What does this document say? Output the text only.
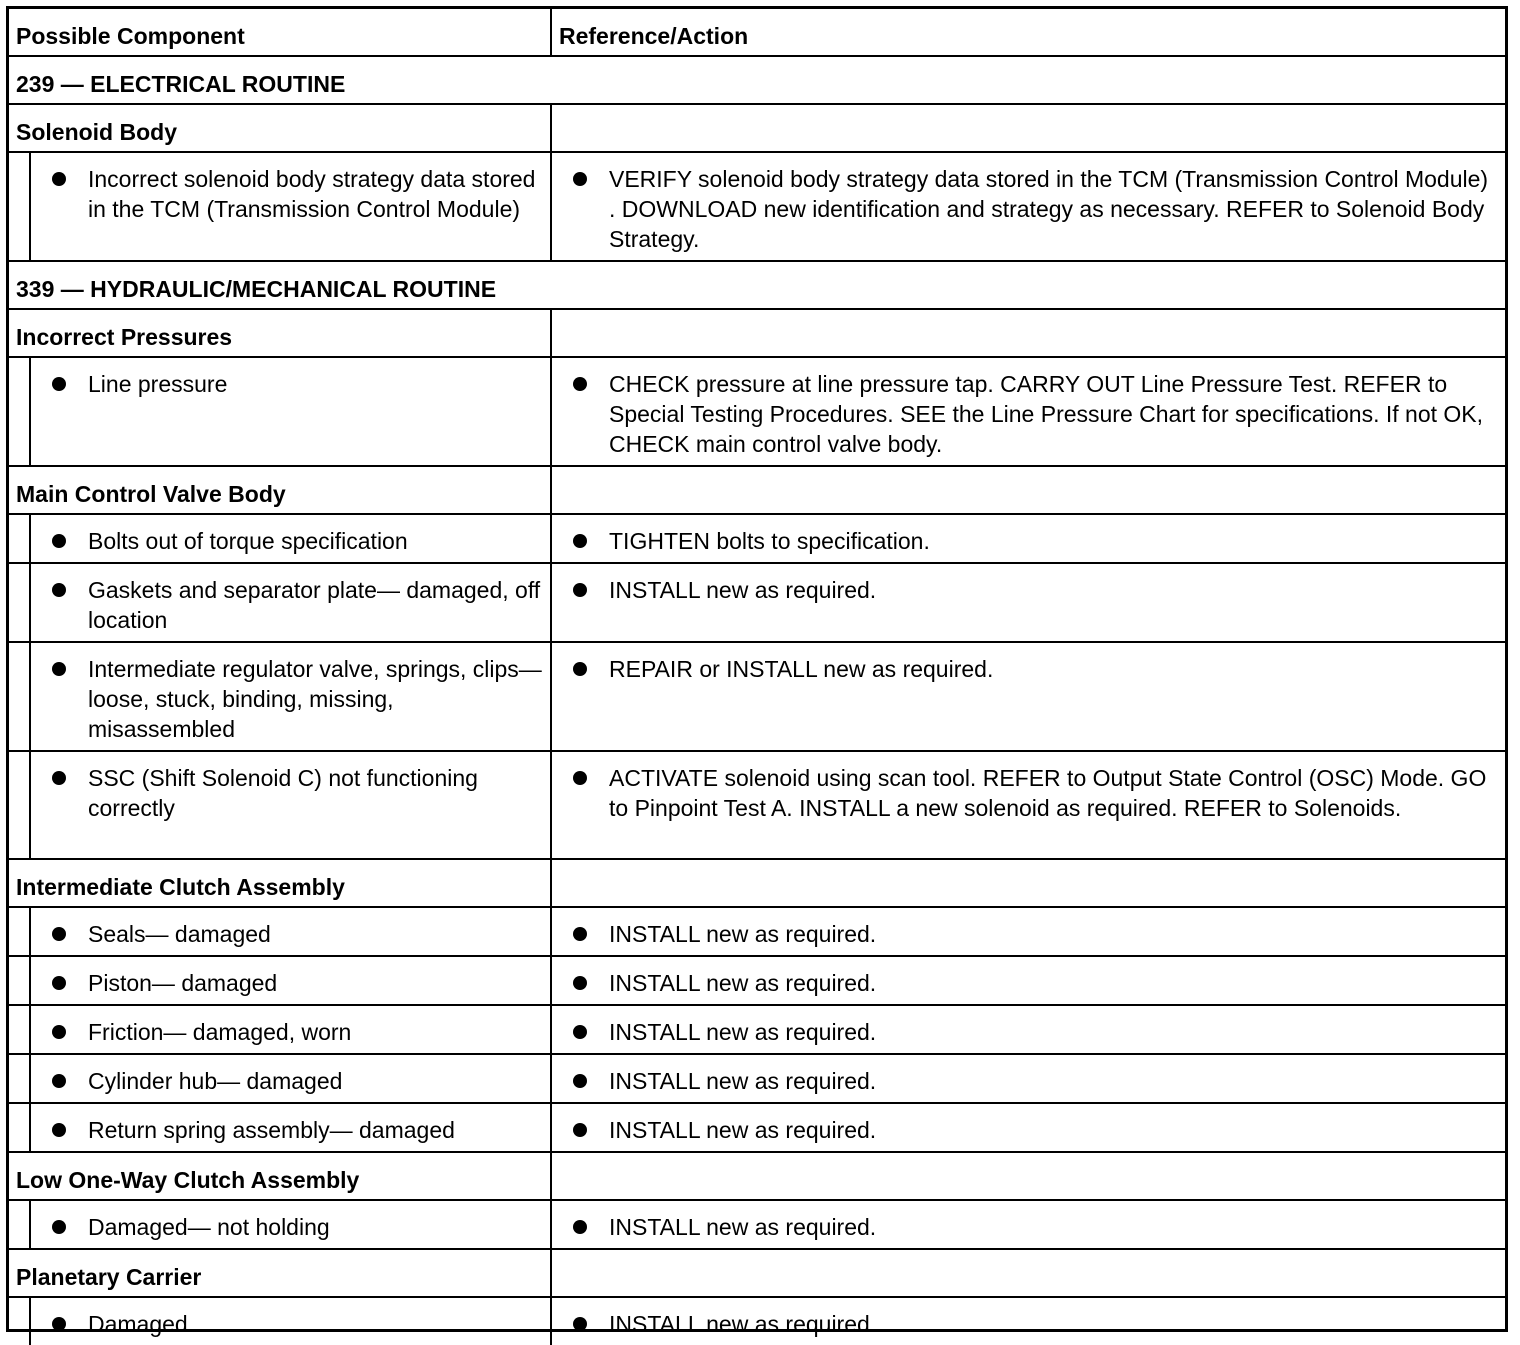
Possible Component		Reference/Action
239 — ELECTRICAL ROUTINE		
Solenoid Body		

Incorrect solenoid body strategy data stored in the TCM (Transmission Control Module)	VERIFY solenoid body strategy data stored in the TCM (Transmission Control Module) . DOWNLOAD new identification and strategy as necessary. REFER to Solenoid Body Strategy.

339 — HYDRAULIC/MECHANICAL ROUTINE		
Incorrect Pressures		

Line pressure	CHECK pressure at line pressure tap. CARRY OUT Line Pressure Test. REFER to Special Testing Procedures. SEE the Line Pressure Chart for specifications. If not OK, CHECK main control valve body.

Main Control Valve Body		

Bolts out of torque specification	TIGHTEN bolts to specification.

Gaskets and separator plate— damaged, off location	INSTALL new as required.

Intermediate regulator valve, springs, clips— loose, stuck, binding, missing, misassembled	REPAIR or INSTALL new as required.

SSC (Shift Solenoid C) not functioning correctly	ACTIVATE solenoid using scan tool. REFER to Output State Control (OSC) Mode. GO to Pinpoint Test A. INSTALL a new solenoid as required. REFER to Solenoids.

Intermediate Clutch Assembly		

Seals— damaged	INSTALL new as required.

Piston— damaged	INSTALL new as required.

Friction— damaged, worn	INSTALL new as required.

Cylinder hub— damaged	INSTALL new as required.

Return spring assembly— damaged	INSTALL new as required.

Low One-Way Clutch Assembly		

Damaged— not holding	INSTALL new as required.

Planetary Carrier		

Damaged	INSTALL new as required.
